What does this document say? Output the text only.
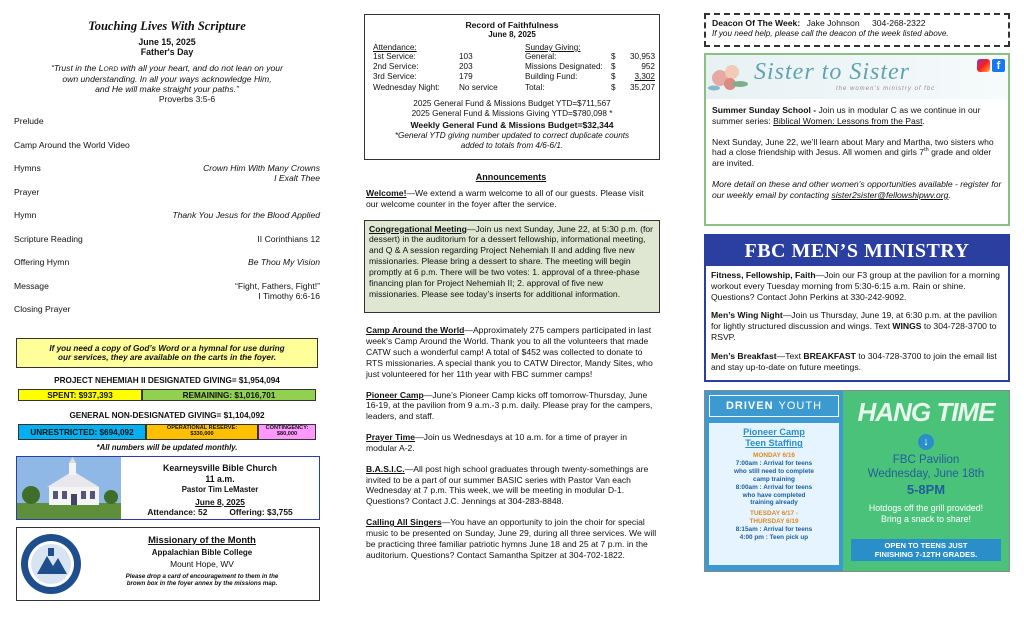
Touching Lives With Scripture
June 15, 2025
Father's Day
“Trust in the LORD with all your heart, and do not lean on your
own understanding. In all your ways acknowledge Him,
and He will make straight your paths.”
Proverbs 3:5-6
Prelude
Camp Around the World Video
Hymns	Crown Him With Many Crowns
I Exalt Thee
Prayer
Hymn	Thank You Jesus for the Blood Applied
Scripture Reading	II Corinthians 12
Offering Hymn	Be Thou My Vision
Message	“Fight, Fathers, Fight!”
I Timothy 6:6-16
Closing Prayer
If you need a copy of God’s Word or a hymnal for use during
our services, they are available on the carts in the foyer.
PROJECT NEHEMIAH II DESIGNATED GIVING= $1,954,094
SPENT: $937,393	REMAINING: $1,016,701
GENERAL NON-DESIGNATED GIVING= $1,104,092
UNRESTRICTED: $694,092	OPERATIONAL RESERVE:
$330,000
CONTINGENCY:
$80,000
*All numbers will be updated monthly.
Kearneysville Bible Church
11 a.m.
Pastor Tim LeMaster
June 8, 2025
Attendance: 52	Offering: $3,755
Missionary of the Month
Appalachian Bible College
Mount Hope, WV
Please drop a card of encouragement to them in the
brown box in the foyer annex by the missions map.
Record of Faithfulness
June 8, 2025
Attendance:
1st Service:	103
2nd Service:	203
3rd Service:	179
Wednesday Night:	No service
Sunday Giving:
General:	$	30,953
Missions Designated: $	952
Building Fund:	$	3,302
Total:	$	35,207
2025 General Fund & Missions Budget YTD=$711,567
2025 General Fund & Missions Giving YTD=$780,098 *
Weekly General Fund & Missions Budget=$32,344
*General YTD giving number updated to correct duplicate counts
added to totals from 4/6-6/1.
Announcements

Welcome!—We extend a warm welcome to all of our guests. Please visit our welcome counter in the foyer after the service.

Congregational Meeting—Join us next Sunday, June 22, at 5:30 p.m. (for dessert) in the auditorium for a dessert fellowship, informational meeting, and Q & A session regarding Project Nehemiah II and adding five new missionaries. Please bring a dessert to share. The meeting will begin promptly at 6 p.m. There will be two votes: 1. approval of a three-phase financing plan for Project Nehemiah II; 2. approval of five new missionaries. Please see today’s inserts for additional information.

Camp Around the World—Approximately 275 campers participated in last week’s Camp Around the World. Thank you to all the volunteers that made CATW such a wonderful camp! A total of $452 was collected to donate to RTS missionaries. A special thank you to CATW Director, Mandy Sites, who just volunteered for her 11th year with FBC summer camps!

Pioneer Camp—June’s Pioneer Camp kicks off tomorrow-Thursday, June 16-19, at the pavilion from 9 a.m.-3 p.m. daily. Please pray for the campers, leaders, and staff.

Prayer Time—Join us Wednesdays at 10 a.m. for a time of prayer in modular A-2.

B.A.S.I.C.—All post high school graduates through twenty-somethings are invited to be a part of our summer BASIC series with Pastor Van each Wednesday at 7 p.m. This week, we will be meeting in modular D-1. Questions? Contact J.C. Jennings at 304-283-8848.

Calling All Singers—You have an opportunity to join the choir for special music to be presented on Sunday, June 29, during all three services. We will be practicing three familiar patriotic hymns June 18 and 25 at 7 p.m. in the auditorium. Questions? Contact Samantha Spitzer at 304-702-1822.

Deacon Of The Week: Jake Johnson 304-268-2322
If you need help, please call the deacon of the week listed above.
Sister to Sister
the women's ministry of fbc
f

Summer Sunday School - Join us in modular C as we continue in our summer series: Biblical Women: Lessons from the Past.

Next Sunday, June 22, we’ll learn about Mary and Martha, two sisters who had a close friendship with Jesus. All women and girls 7th grade and older are invited.

More detail on these and other women’s opportunities available - register for our weekly email by contacting sister2sister@fellowshipwv.org.

FBC MEN’S MINISTRY

Fitness, Fellowship, Faith—Join our F3 group at the pavilion for a morning workout every Tuesday morning from 5:30-6:15 a.m. Rain or shine. Questions? Contact John Perkins at 330-242-9092.

Men’s Wing Night—Join us Thursday, June 19, at 6:30 p.m. at the pavilion for lightly structured discussion and wings. Text WINGS to 304-728-3700 to RSVP.

Men’s Breakfast—Text BREAKFAST to 304-728-3700 to join the email list and stay up-to-date on future meetings.

DRIVEN YOUTH
Pioneer Camp
Teen Staffing
MONDAY 6/16
7:00am : Arrival for teens
who still need to complete
camp training
8:00am : Arrival for teens
who have completed
training already
TUESDAY 6/17 -
THURSDAY 6/19
8:15am : Arrival for teens
4:00 pm : Teen pick up
HANG TIME
↓
FBC Pavilion
Wednesday, June 18th
5-8PM
Hotdogs off the grill provided!
Bring a snack to share!
OPEN TO TEENS JUST
FINISHING 7-12TH GRADES.
